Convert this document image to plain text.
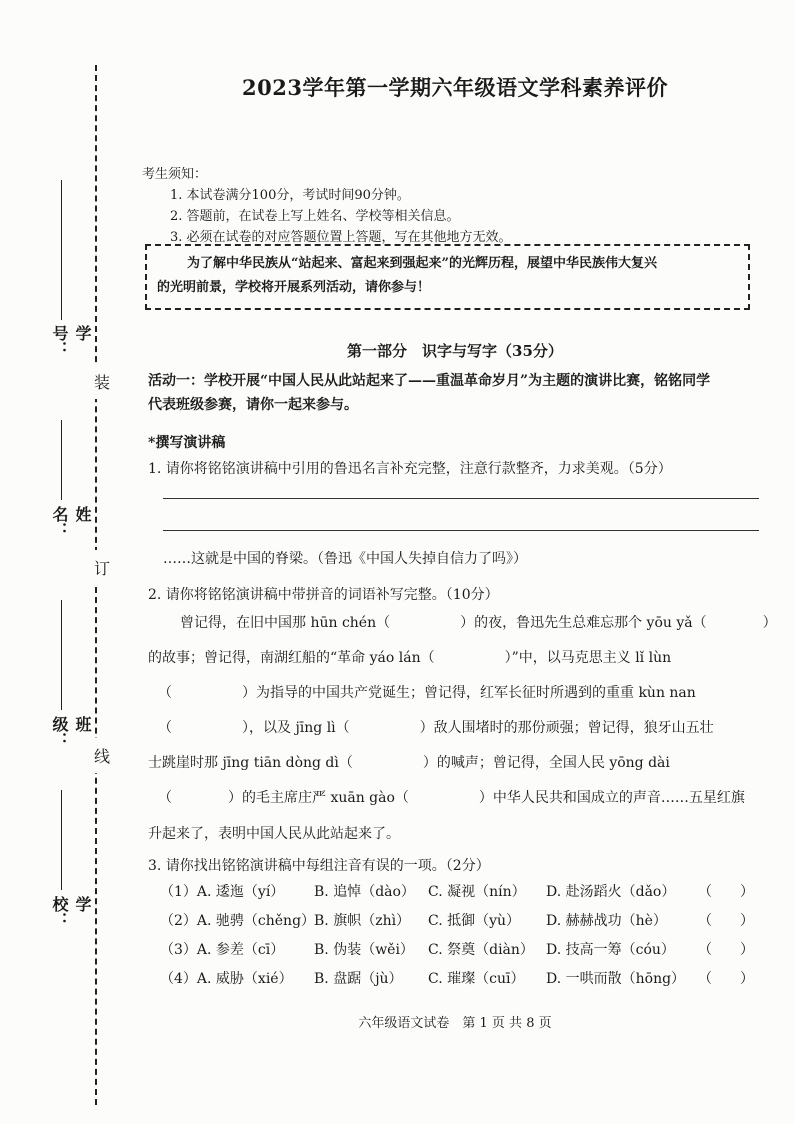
装
订
线
学号：
姓名：
班级：
学校：
2023学年第一学期六年级语文学科素养评价
考生须知：
1. 本试卷满分100分，考试时间90分钟。
2. 答题前，在试卷上写上姓名、学校等相关信息。
3. 必须在试卷的对应答题位置上答题，写在其他地方无效。
为了解中华民族从“站起来、富起来到强起来”的光辉历程，展望中华民族伟大复兴
的光明前景，学校将开展系列活动，请你参与！
第一部分　识字与写字（35分）
活动一：学校开展“中国人民从此站起来了——重温革命岁月”为主题的演讲比赛，铭铭同学
代表班级参赛，请你一起来参与。
*撰写演讲稿
1. 请你将铭铭演讲稿中引用的鲁迅名言补充完整，注意行款整齐，力求美观。（5分）
……这就是中国的脊梁。（鲁迅《中国人失掉自信力了吗》）
2. 请你将铭铭演讲稿中带拼音的词语补写完整。（10分）
曾记得，在旧中国那 hūn chén（　　　　　）的夜，鲁迅先生总难忘那个 yōu yǎ（　　　　）
的故事；曾记得，南湖红船的“革命 yáo lán（　　　　　）”中，以马克思主义 lǐ lùn
（　　　　　）为指导的中国共产党诞生；曾记得，红军长征时所遇到的重重 kùn nan
（　　　　　），以及 jīng lì（　　　　　）敌人围堵时的那份顽强；曾记得，狼牙山五壮
士跳崖时那 jīng tiān dòng dì（　　　　　）的喊声；曾记得，全国人民 yōng dài
（　　　　）的毛主席庄严 xuān gào（　　　　　）中华人民共和国成立的声音……五星红旗
升起来了，表明中国人民从此站起来了。
3. 请你找出铭铭演讲稿中每组注音有误的一项。（2分）
（1）A. 逶迤（yí） B. 追悼（dào） C. 凝视（nín） D. 赴汤蹈火（dǎo） （　　）
（2）A. 驰骋（chěng）
B. 旗帜（zhì） C. 抵御（yù） D. 赫赫战功（hè） （　　）
（3）A. 参差（cī） B. 伪装（wěi） C. 祭奠（diàn） D. 技高一筹（cóu） （　　）
（4）A. 威胁（xié） B. 盘踞（jù） C. 璀璨（cuī） D. 一哄而散（hōng） （　　）
六年级语文试卷　第 1 页 共 8 页
